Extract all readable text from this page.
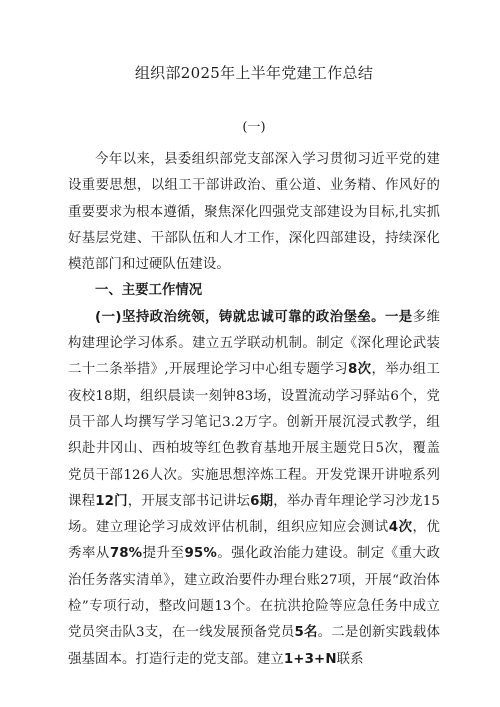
组织部2025年上半年党建工作总结
(一)

今年以来，县委组织部党支部深入学习贯彻习近平党的建设重要思想，以组工干部讲政治、重公道、业务精、作风好的重要要求为根本遵循，聚焦深化四强党支部建设为目标,扎实抓好基层党建、干部队伍和人才工作，深化四部建设，持续深化模范部门和过硬队伍建设。

一、主要工作情况

(一)坚持政治统领，铸就忠诚可靠的政治堡垒。一是多维构建理论学习体系。建立五学联动机制。制定《深化理论武装二十二条举措》,开展理论学习中心组专题学习8次，举办组工夜校18期，组织晨读一刻钟83场，设置流动学习驿站6个，党员干部人均撰写学习笔记3.2万字。创新开展沉浸式教学，组织赴井冈山、西柏坡等红色教育基地开展主题党日5次，覆盖党员干部126人次。实施思想淬炼工程。开发党课开讲啦系列课程12门，开展支部书记讲坛6期，举办青年理论学习沙龙15场。建立理论学习成效评估机制，组织应知应会测试4次，优秀率从78%提升至95%。强化政治能力建设。制定《重大政治任务落实清单》，建立政治要件办理台账27项，开展“政治体检”专项行动，整改问题13个。在抗洪抢险等应急任务中成立党员突击队3支，在一线发展预备党员5名。二是创新实践载体强基固本。打造行走的党支部。建立1+3+N联系
